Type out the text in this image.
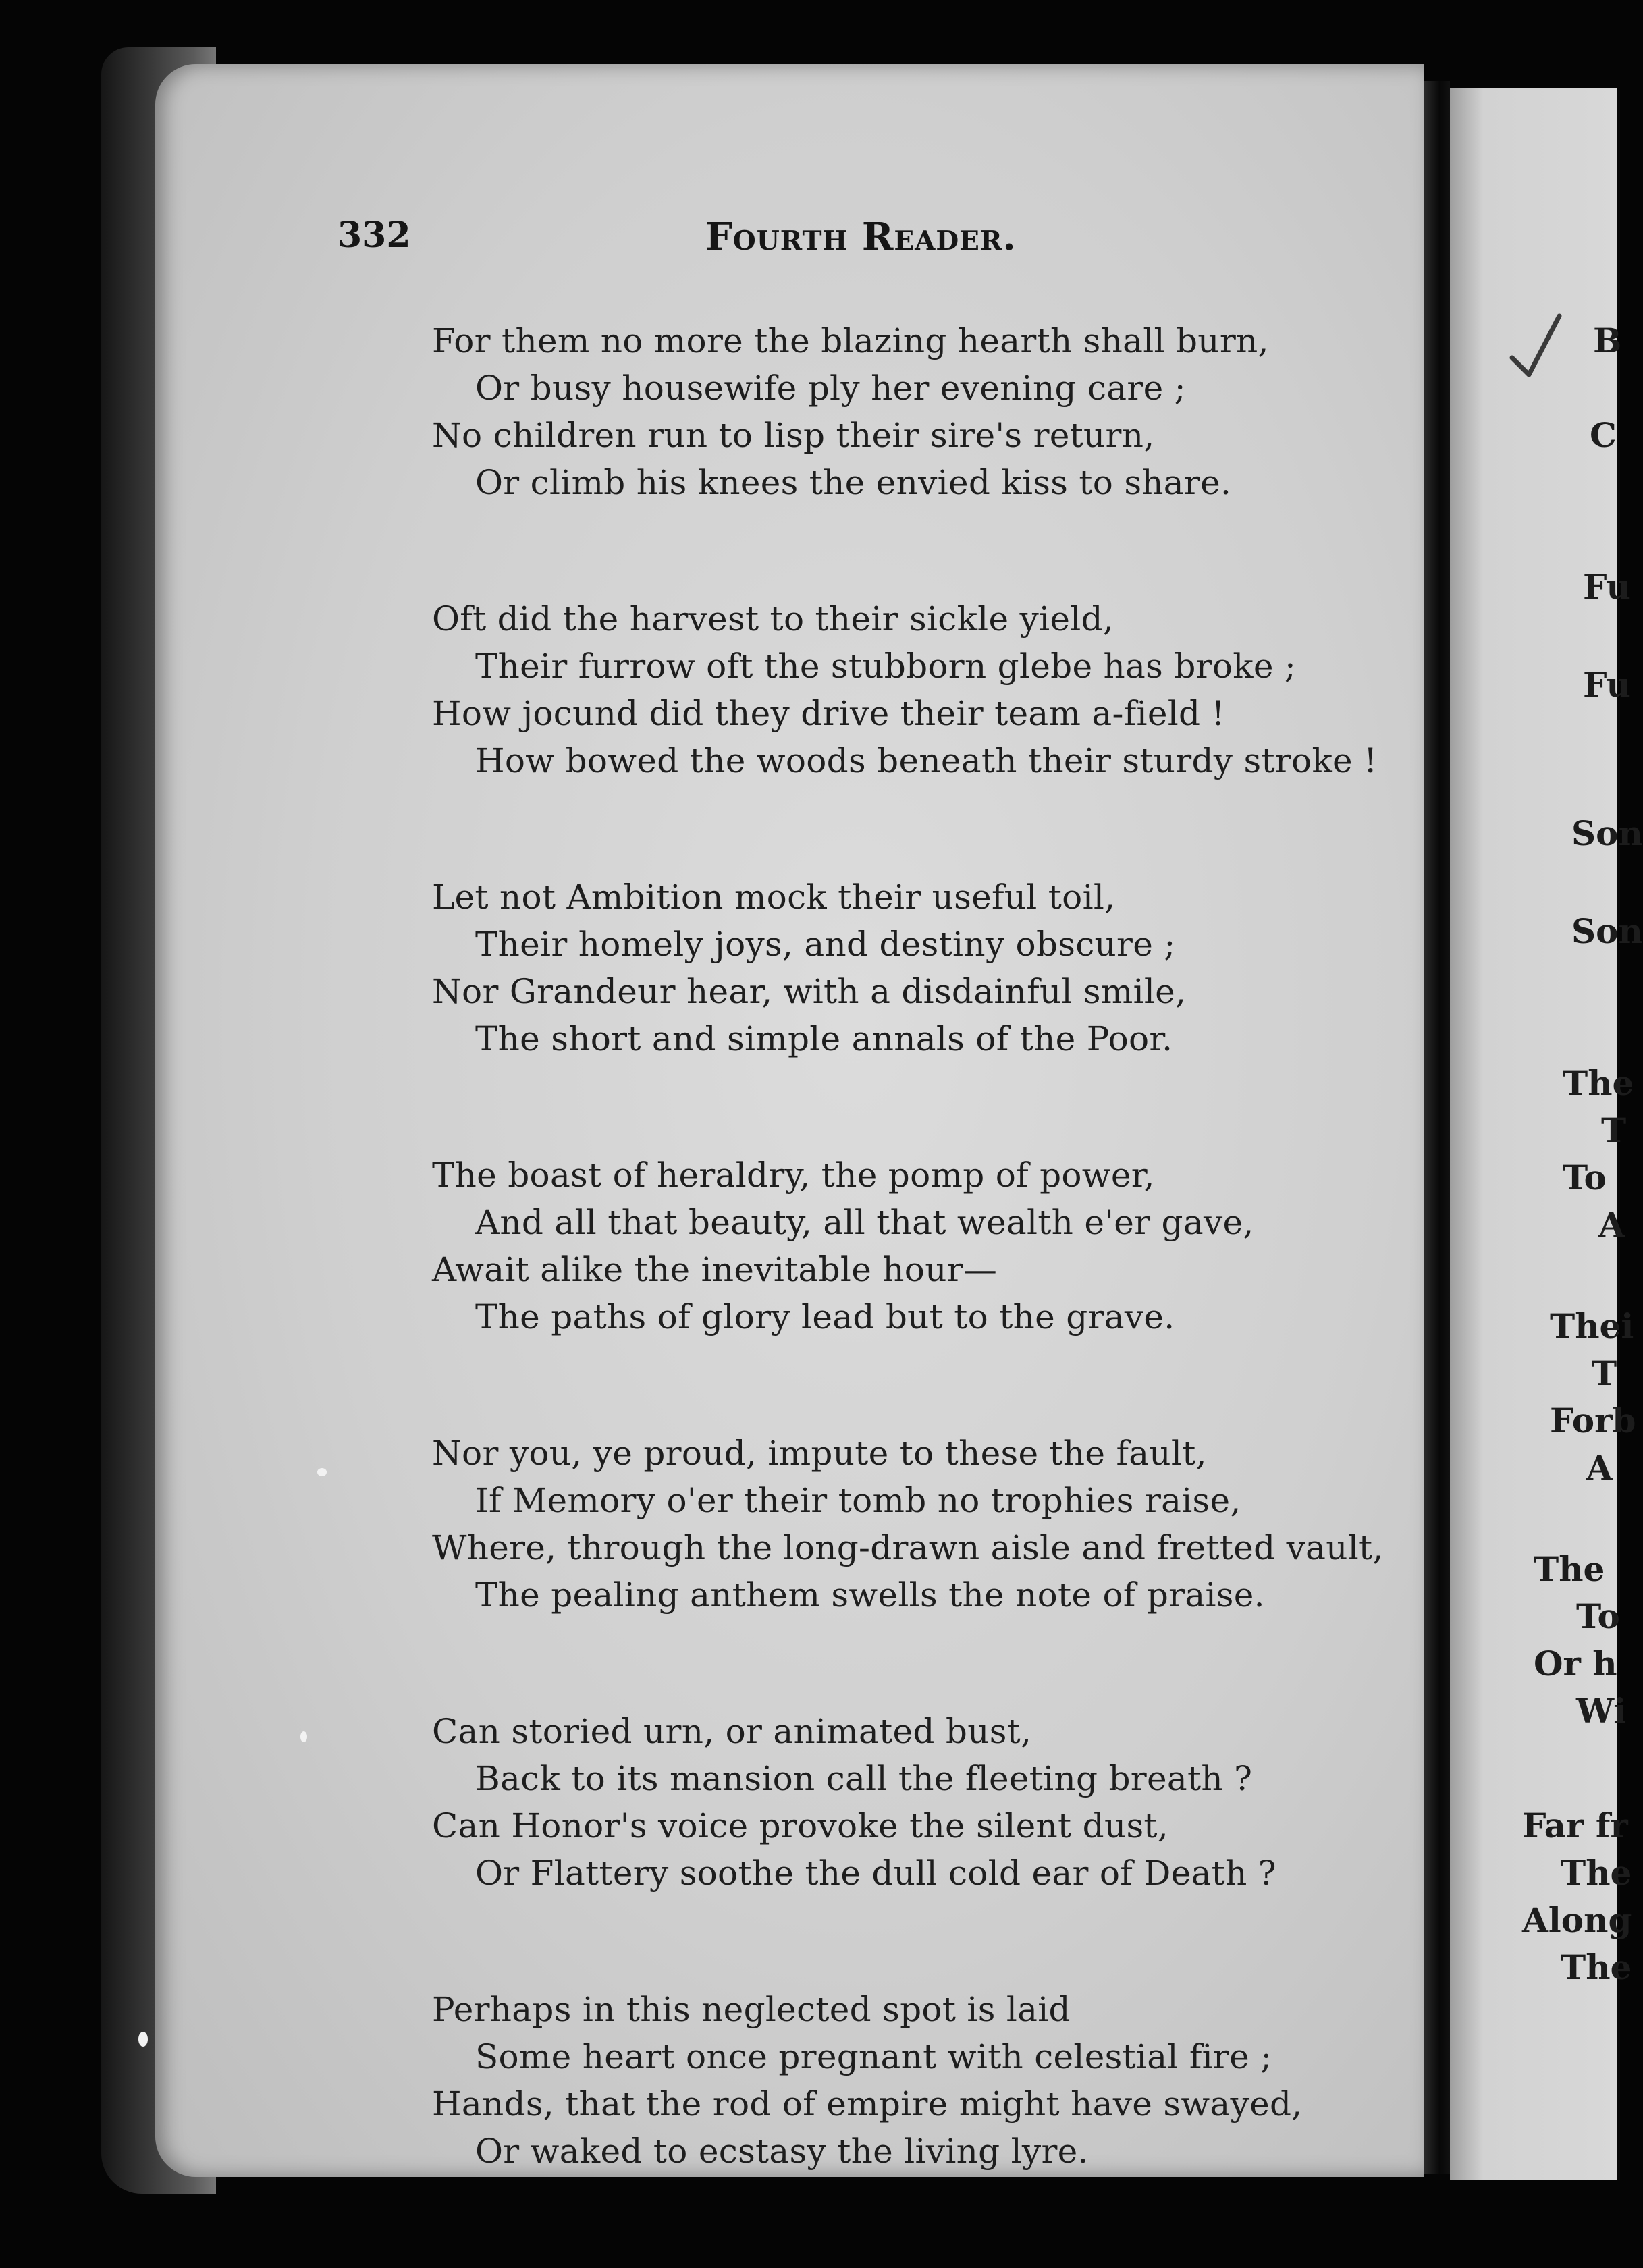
B
C
Fu
Fu
Son
Son
The
T
To
A
Thei
T
Forb
A
The
To
Or h
Wi
Far fr
The
Along
The
332	Fourth Reader.
For them no more the blazing hearth shall burn,
Or busy housewife ply her evening care ;
No children run to lisp their sire's return,
Or climb his knees the envied kiss to share.
Oft did the harvest to their sickle yield,
Their furrow oft the stubborn glebe has broke ;
How jocund did they drive their team a-field !
How bowed the woods beneath their sturdy stroke !
Let not Ambition mock their useful toil,
Their homely joys, and destiny obscure ;
Nor Grandeur hear, with a disdainful smile,
The short and simple annals of the Poor.
The boast of heraldry, the pomp of power,
And all that beauty, all that wealth e'er gave,
Await alike the inevitable hour—
The paths of glory lead but to the grave.
Nor you, ye proud, impute to these the fault,
If Memory o'er their tomb no trophies raise,
Where, through the long-drawn aisle and fretted vault,
The pealing anthem swells the note of praise.
Can storied urn, or animated bust,
Back to its mansion call the fleeting breath ?
Can Honor's voice provoke the silent dust,
Or Flattery soothe the dull cold ear of Death ?
Perhaps in this neglected spot is laid
Some heart once pregnant with celestial fire ;
Hands, that the rod of empire might have swayed,
Or waked to ecstasy the living lyre.
